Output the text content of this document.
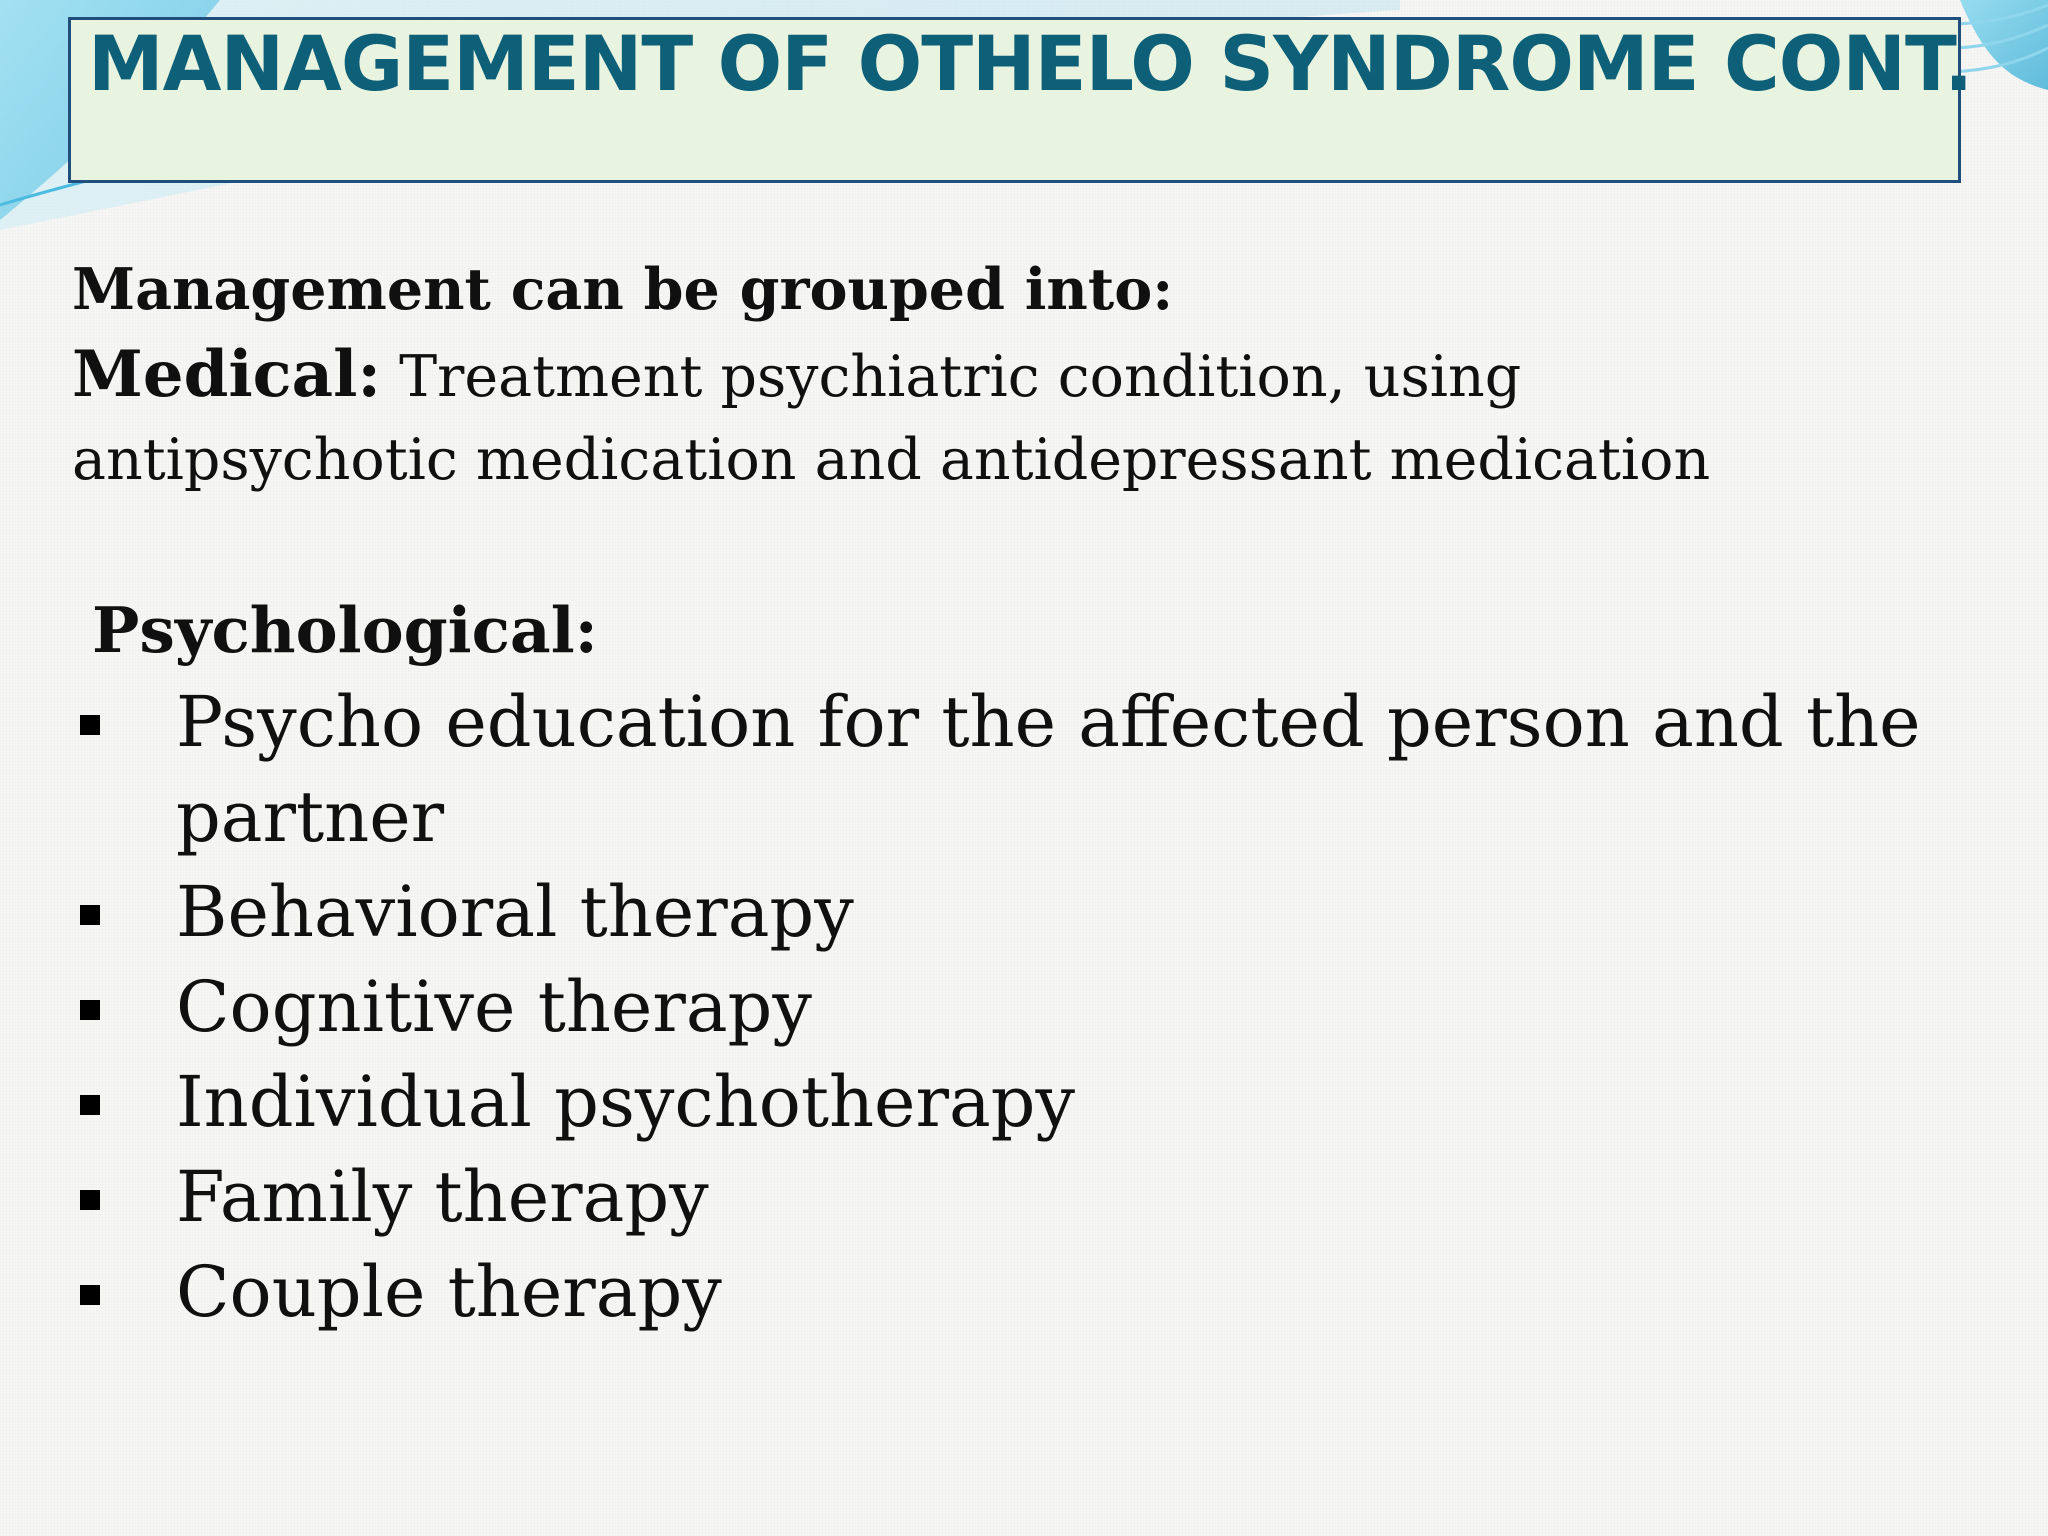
MANAGEMENT OF OTHELO SYNDROME CONT.
Management can be grouped into:
Medical: Treatment psychiatric condition, using
antipsychotic medication and antidepressant medication
Psychological:
Psycho education for the affected person and the
partner
Behavioral therapy
Cognitive therapy
Individual psychotherapy
Family therapy
Couple therapy
